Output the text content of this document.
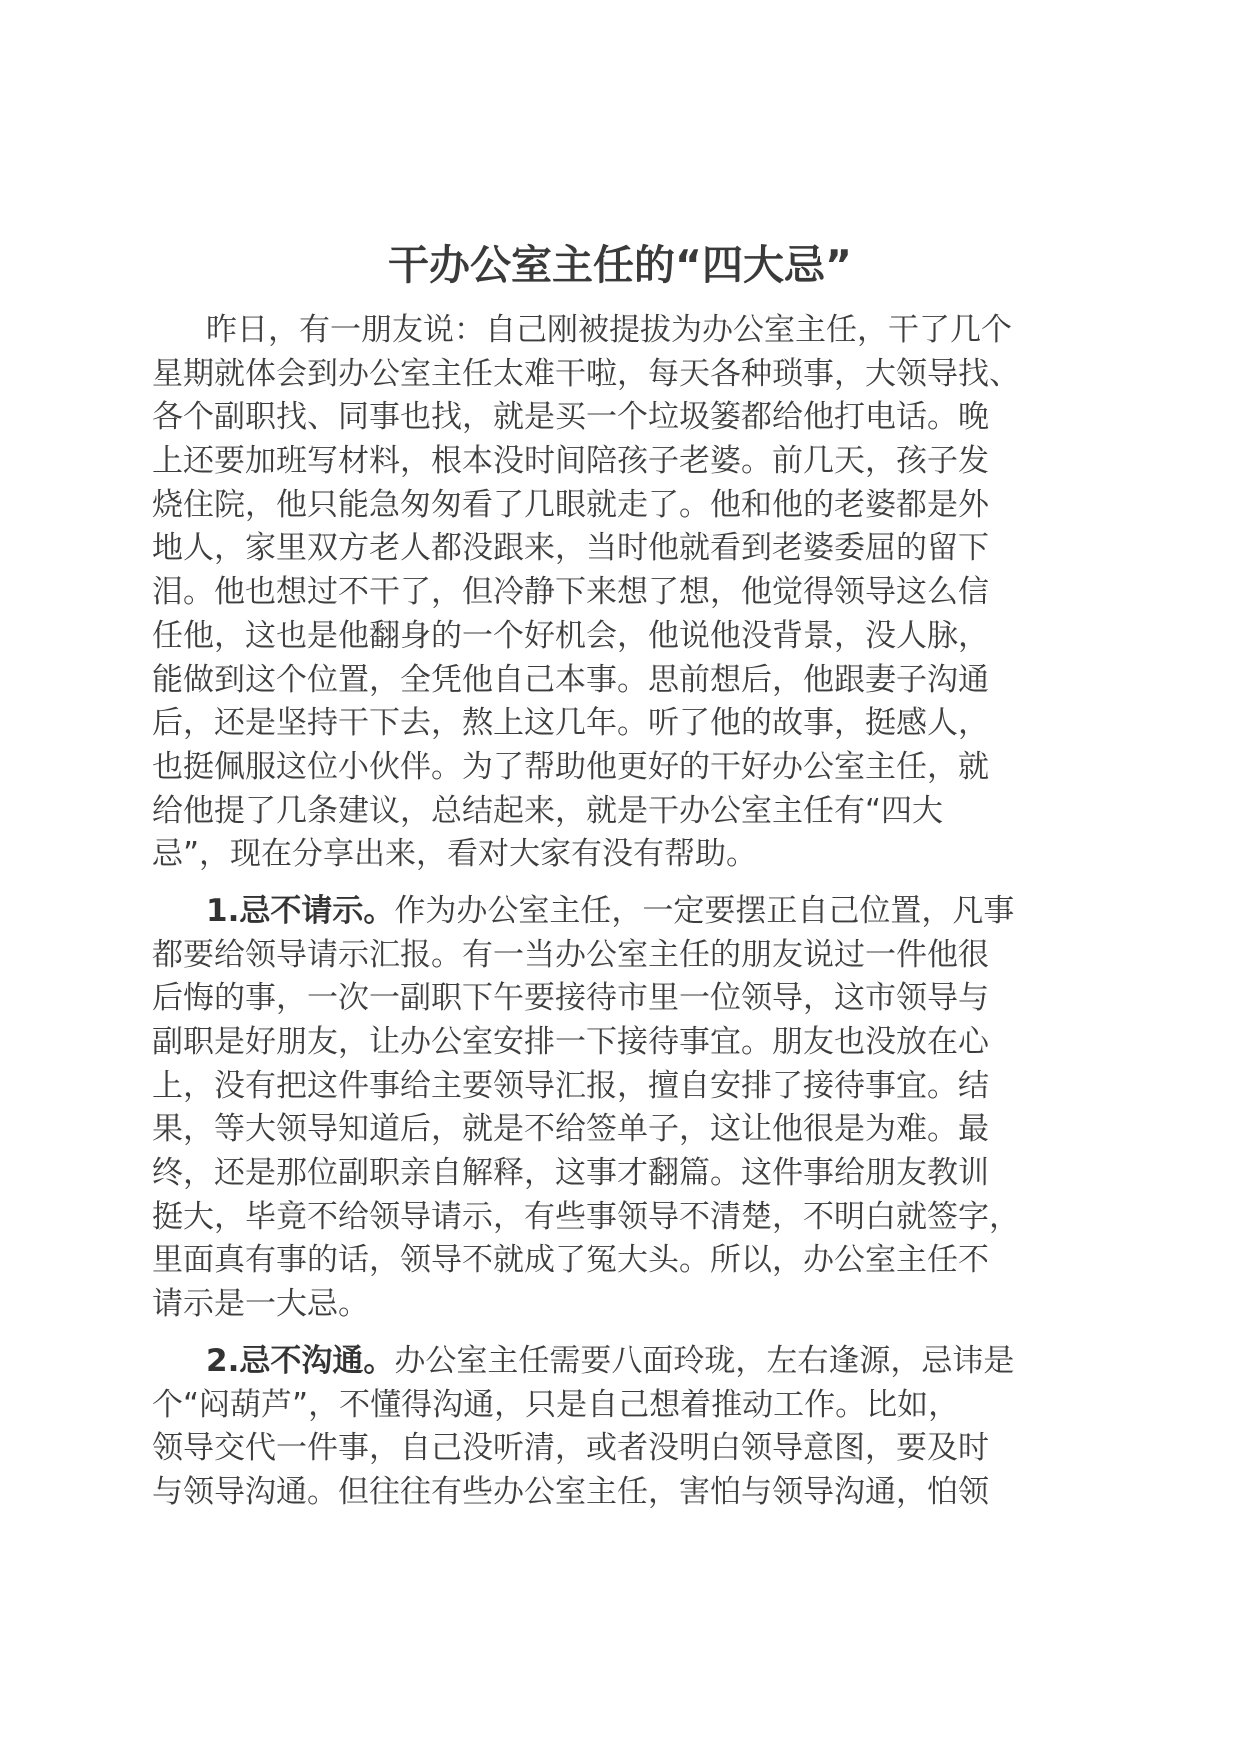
干办公室主任的“四大忌”
昨日，有一朋友说：自己刚被提拔为办公室主任，干了几个
星期就体会到办公室主任太难干啦，每天各种琐事，大领导找、
各个副职找、同事也找，就是买一个垃圾篓都给他打电话。晚
上还要加班写材料，根本没时间陪孩子老婆。前几天，孩子发
烧住院，他只能急匆匆看了几眼就走了。他和他的老婆都是外
地人，家里双方老人都没跟来，当时他就看到老婆委屈的留下
泪。他也想过不干了，但冷静下来想了想，他觉得领导这么信
任他，这也是他翻身的一个好机会，他说他没背景，没人脉，
能做到这个位置，全凭他自己本事。思前想后，他跟妻子沟通
后，还是坚持干下去，熬上这几年。听了他的故事，挺感人，
也挺佩服这位小伙伴。为了帮助他更好的干好办公室主任，就
给他提了几条建议，总结起来，就是干办公室主任有“四大
忌”，现在分享出来，看对大家有没有帮助。
1.忌不请示。作为办公室主任，一定要摆正自己位置，凡事
都要给领导请示汇报。有一当办公室主任的朋友说过一件他很
后悔的事，一次一副职下午要接待市里一位领导，这市领导与
副职是好朋友，让办公室安排一下接待事宜。朋友也没放在心
上，没有把这件事给主要领导汇报，擅自安排了接待事宜。结
果，等大领导知道后，就是不给签单子，这让他很是为难。最
终，还是那位副职亲自解释，这事才翻篇。这件事给朋友教训
挺大，毕竟不给领导请示，有些事领导不清楚，不明白就签字，
里面真有事的话，领导不就成了冤大头。所以，办公室主任不
请示是一大忌。
2.忌不沟通。办公室主任需要八面玲珑，左右逢源，忌讳是
个“闷葫芦”，不懂得沟通，只是自己想着推动工作。比如，
领导交代一件事，自己没听清，或者没明白领导意图，要及时
与领导沟通。但往往有些办公室主任，害怕与领导沟通，怕领
